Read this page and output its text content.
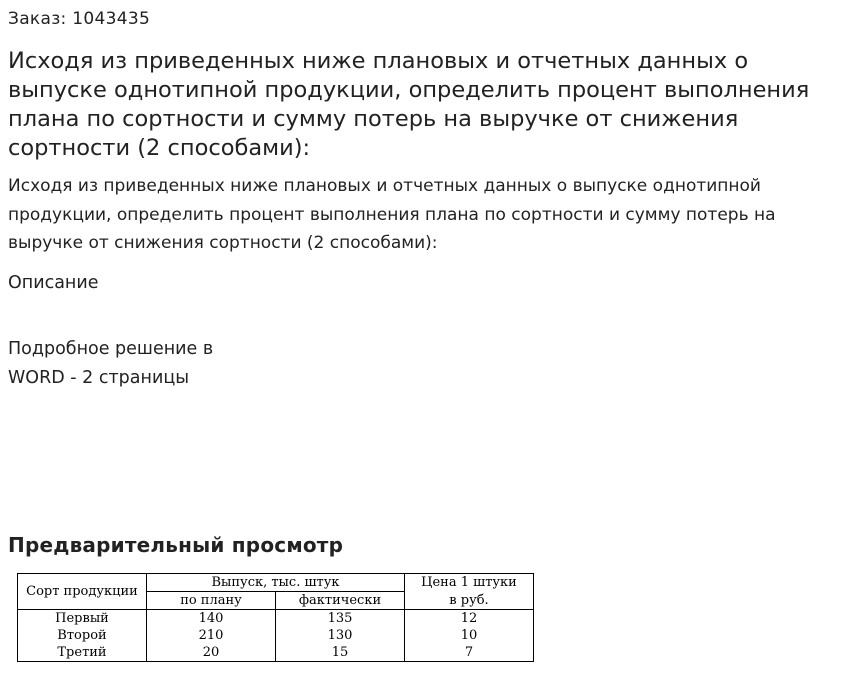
Заказ: 1043435
Исходя из приведенных ниже плановых и отчетных данных о выпуске однотипной продукции, определить процент выполнения плана по сортности и сумму потерь на выручке от снижения сортности (2 способами):

Исходя из приведенных ниже плановых и отчетных данных о выпуске однотипной продукции, определить процент выполнения плана по сортности и сумму потерь на выручке от снижения сортности (2 способами):

Описание

Подробное решение в
WORD - 2 страницы

Предварительный просмотр
Сорт продукции	Выпуск, тыс. штук		Цена 1 штуки
	по плану	фактически	в руб.
Первый	140	135	12
Второй	210	130	10
Третий	20	15	7
